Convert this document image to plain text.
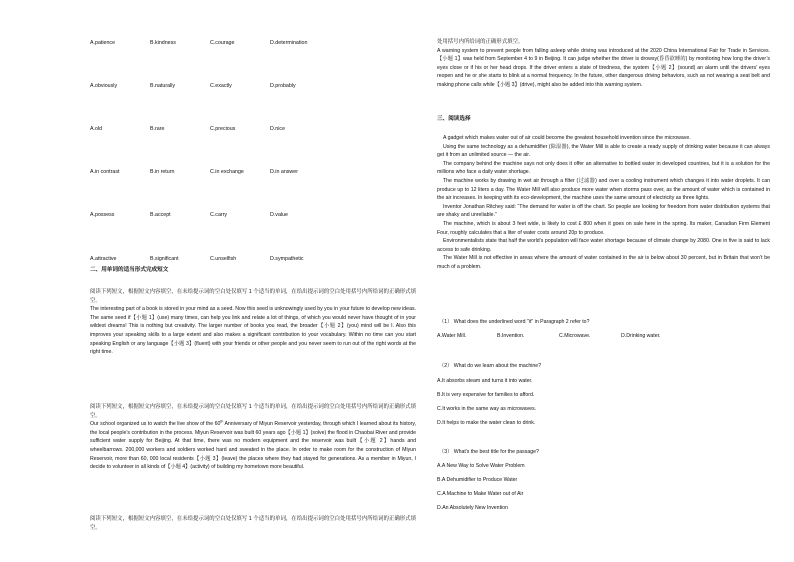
A.patience	B.kindness	C.courage	D.determination
A.obviously	B.naturally	C.exactly	D.probably
A.old	B.rare	C.precious	D.nice
A.in contrast	B.in return	C.in exchange	D.in answer
A.possess	B.accept	C.carry	D.value
A.attractive	B.significant	C.unselfish	D.sympathetic
二、用单词的适当形式完成短文

阅读下列短文，根据短文内容填空，在未给提示词的空白处仅填写 1 个适当的单词，在给出提示词的空白处用括号内所给词的正确形式填空。

The interesting part of a book is stored in your mind as a seed. Now this seed is unknowingly used by you in your future to develop new ideas. The same seed if【小题 1】(use) many times, can help you link and relate a lot of things, of which you would never have thought of in your wildest dreams! This is nothing but creativity. The larger number of books you read, the broader【小题 2】(you) mind will be I. Also this improves your speaking skills to a large extent and also makes a significant contribution to your vocabulary. Within no time can you start speaking English or any language【小题 3】(fluent) with your friends or other people and you never seem to run out of the right words at the right time.

阅读下列短文，根据短文内容填空，在未给提示词的空白处仅填写 1 个适当的单词，在给出提示词的空白处用括号内所给词的正确形式填空。

Our school organized us to watch the live show of the 60th Anniversary of Miyun Reservoir yesterday, through which I learned about its history, the local people’s contribution in the process. Miyun Reservoir was built 60 years ago【小题 1】(solve) the flood in Chaobai River and provide sufficient water supply for Beijing. At that time, there was no modern equipment and the reservoir was built【小题 2】hands and wheelbarrows. 200,000 workers and soldiers worked hard and sweated in the place. In order to make room for the construction of Miyun Reservoir, more than 60, 000 local residents【小题 3】(leave) the places where they had stayed for generations. As a member in Miyun, I decide to volunteer in all kinds of【小题 4】(activity) of building my hometown more beautiful.

阅读下列短文，根据短文内容填空，在未给提示词的空白处仅填写 1 个适当的单词，在给出提示词的空白处用括号内所给词的正确形式填空。

处用括号内所给词的正确形式填空。

A warning system to prevent people from falling asleep while driving was introduced at the 2020 China International Fair for Trade in Services.【小题 1】was held from September 4 to 9 in Beijing. It can judge whether the driver is drowsy(昏昏欲睡的) by monitoring how long the driver’s eyes close or if his or her head drops. If the driver enters a state of tiredness, the system【小题 2】(sound) an alarm until the drivers’ eyes reopen and he or she starts to blink at a normal frequency. In the future, other dangerous driving behaviors, such as not wearing a seat belt and making phone calls while【小题 3】(drive), might also be added into this warning system.

三、阅读选择

A gadget which makes water out of air could become the greatest household invention since the microwave.

Using the same technology as a dehumidifier (除湿器), the Water Mill is able to create a ready supply of drinking water because it can always get it from an unlimited source — the air.

The company behind the machine says not only does it offer an alternative to bottled water in developed countries, but it is a solution for the millions who face a daily water shortage.

The machine works by drawing in wet air through a filter (过滤器) and over a cooling instrument which changes it into water droplets. It can produce up to 12 liters a day. The Water Mill will also produce more water when storms pass over, as the amount of water which is contained in the air increases. In keeping with its eco-development, the machine uses the same amount of electricity as three lights.

Inventor Jonathan Ritchey said: “The demand for water is off the chart. So people are looking for freedom from water distribution systems that are shaky and unreliable.”

The machine, which is about 3 feet wide, is likely to cost £ 800 when it goes on sale here in the spring. Its maker, Canadian Firm Element Four, roughly calculates that a liter of water costs around 20p to produce.

Environmentalists state that half the world’s population will face water shortage because of climate change by 2080. One in five is said to lack access to safe drinking.

The Water Mill is not effective in areas where the amount of water contained in the air is below about 30 percent, but in Britain that won’t be much of a problem.

（1） What does the underlined word "it" in Paragraph 2 refer to?
A.Water Mill.	B.Invention.	C.Microwave.	D.Drinking water.
（2） What do we learn about the machine?
A.It absorbs steam and turns it into water.
B.It is very expensive for families to afford.
C.It works in the same way as microwaves.
D.It helps to make the water clean to drink.
（3） What's the best title for the passage?
A.A New Way to Solve Water Problem
B.A Dehumidifier to Produce Water
C.A Machine to Make Water out of Air
D.An Absolutely New Invention
